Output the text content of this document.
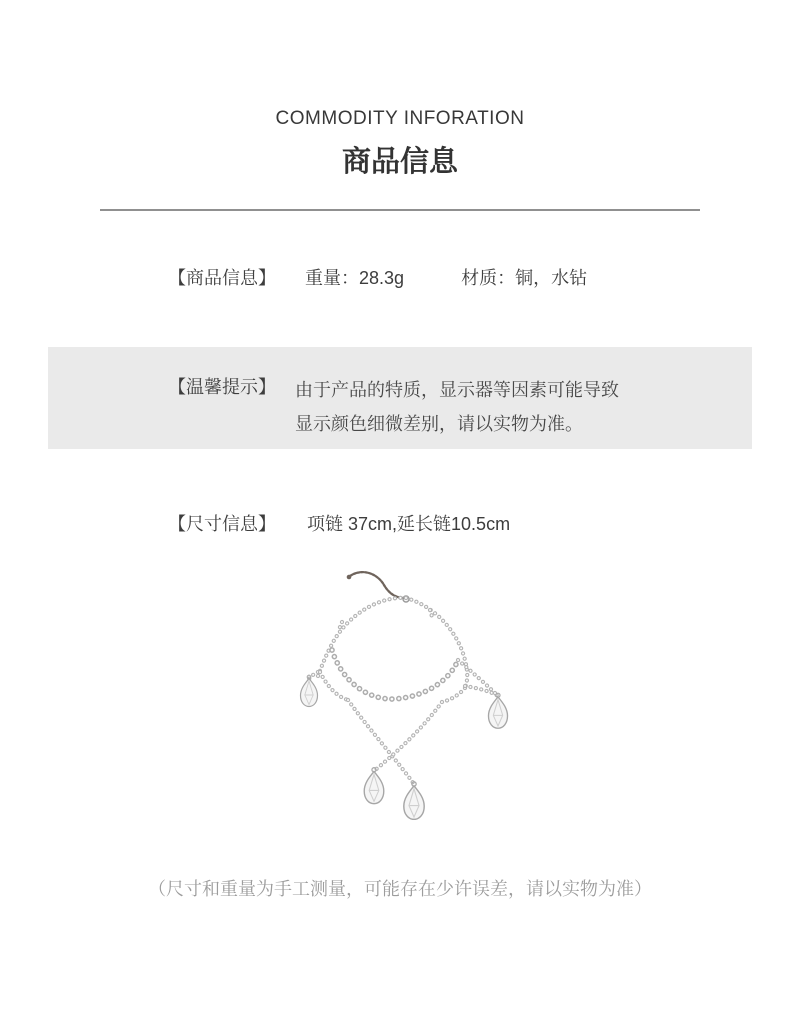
COMMODITY INFORATION
商品信息
【商品信息】 重量：28.3g	材质：铜，水钻
【温馨提示】 由于产品的特质，显示器等因素可能导致
显示颜色细微差别，请以实物为准。
【尺寸信息】 项链 37cm,延长链10.5cm
（尺寸和重量为手工测量，可能存在少许误差，请以实物为准）
